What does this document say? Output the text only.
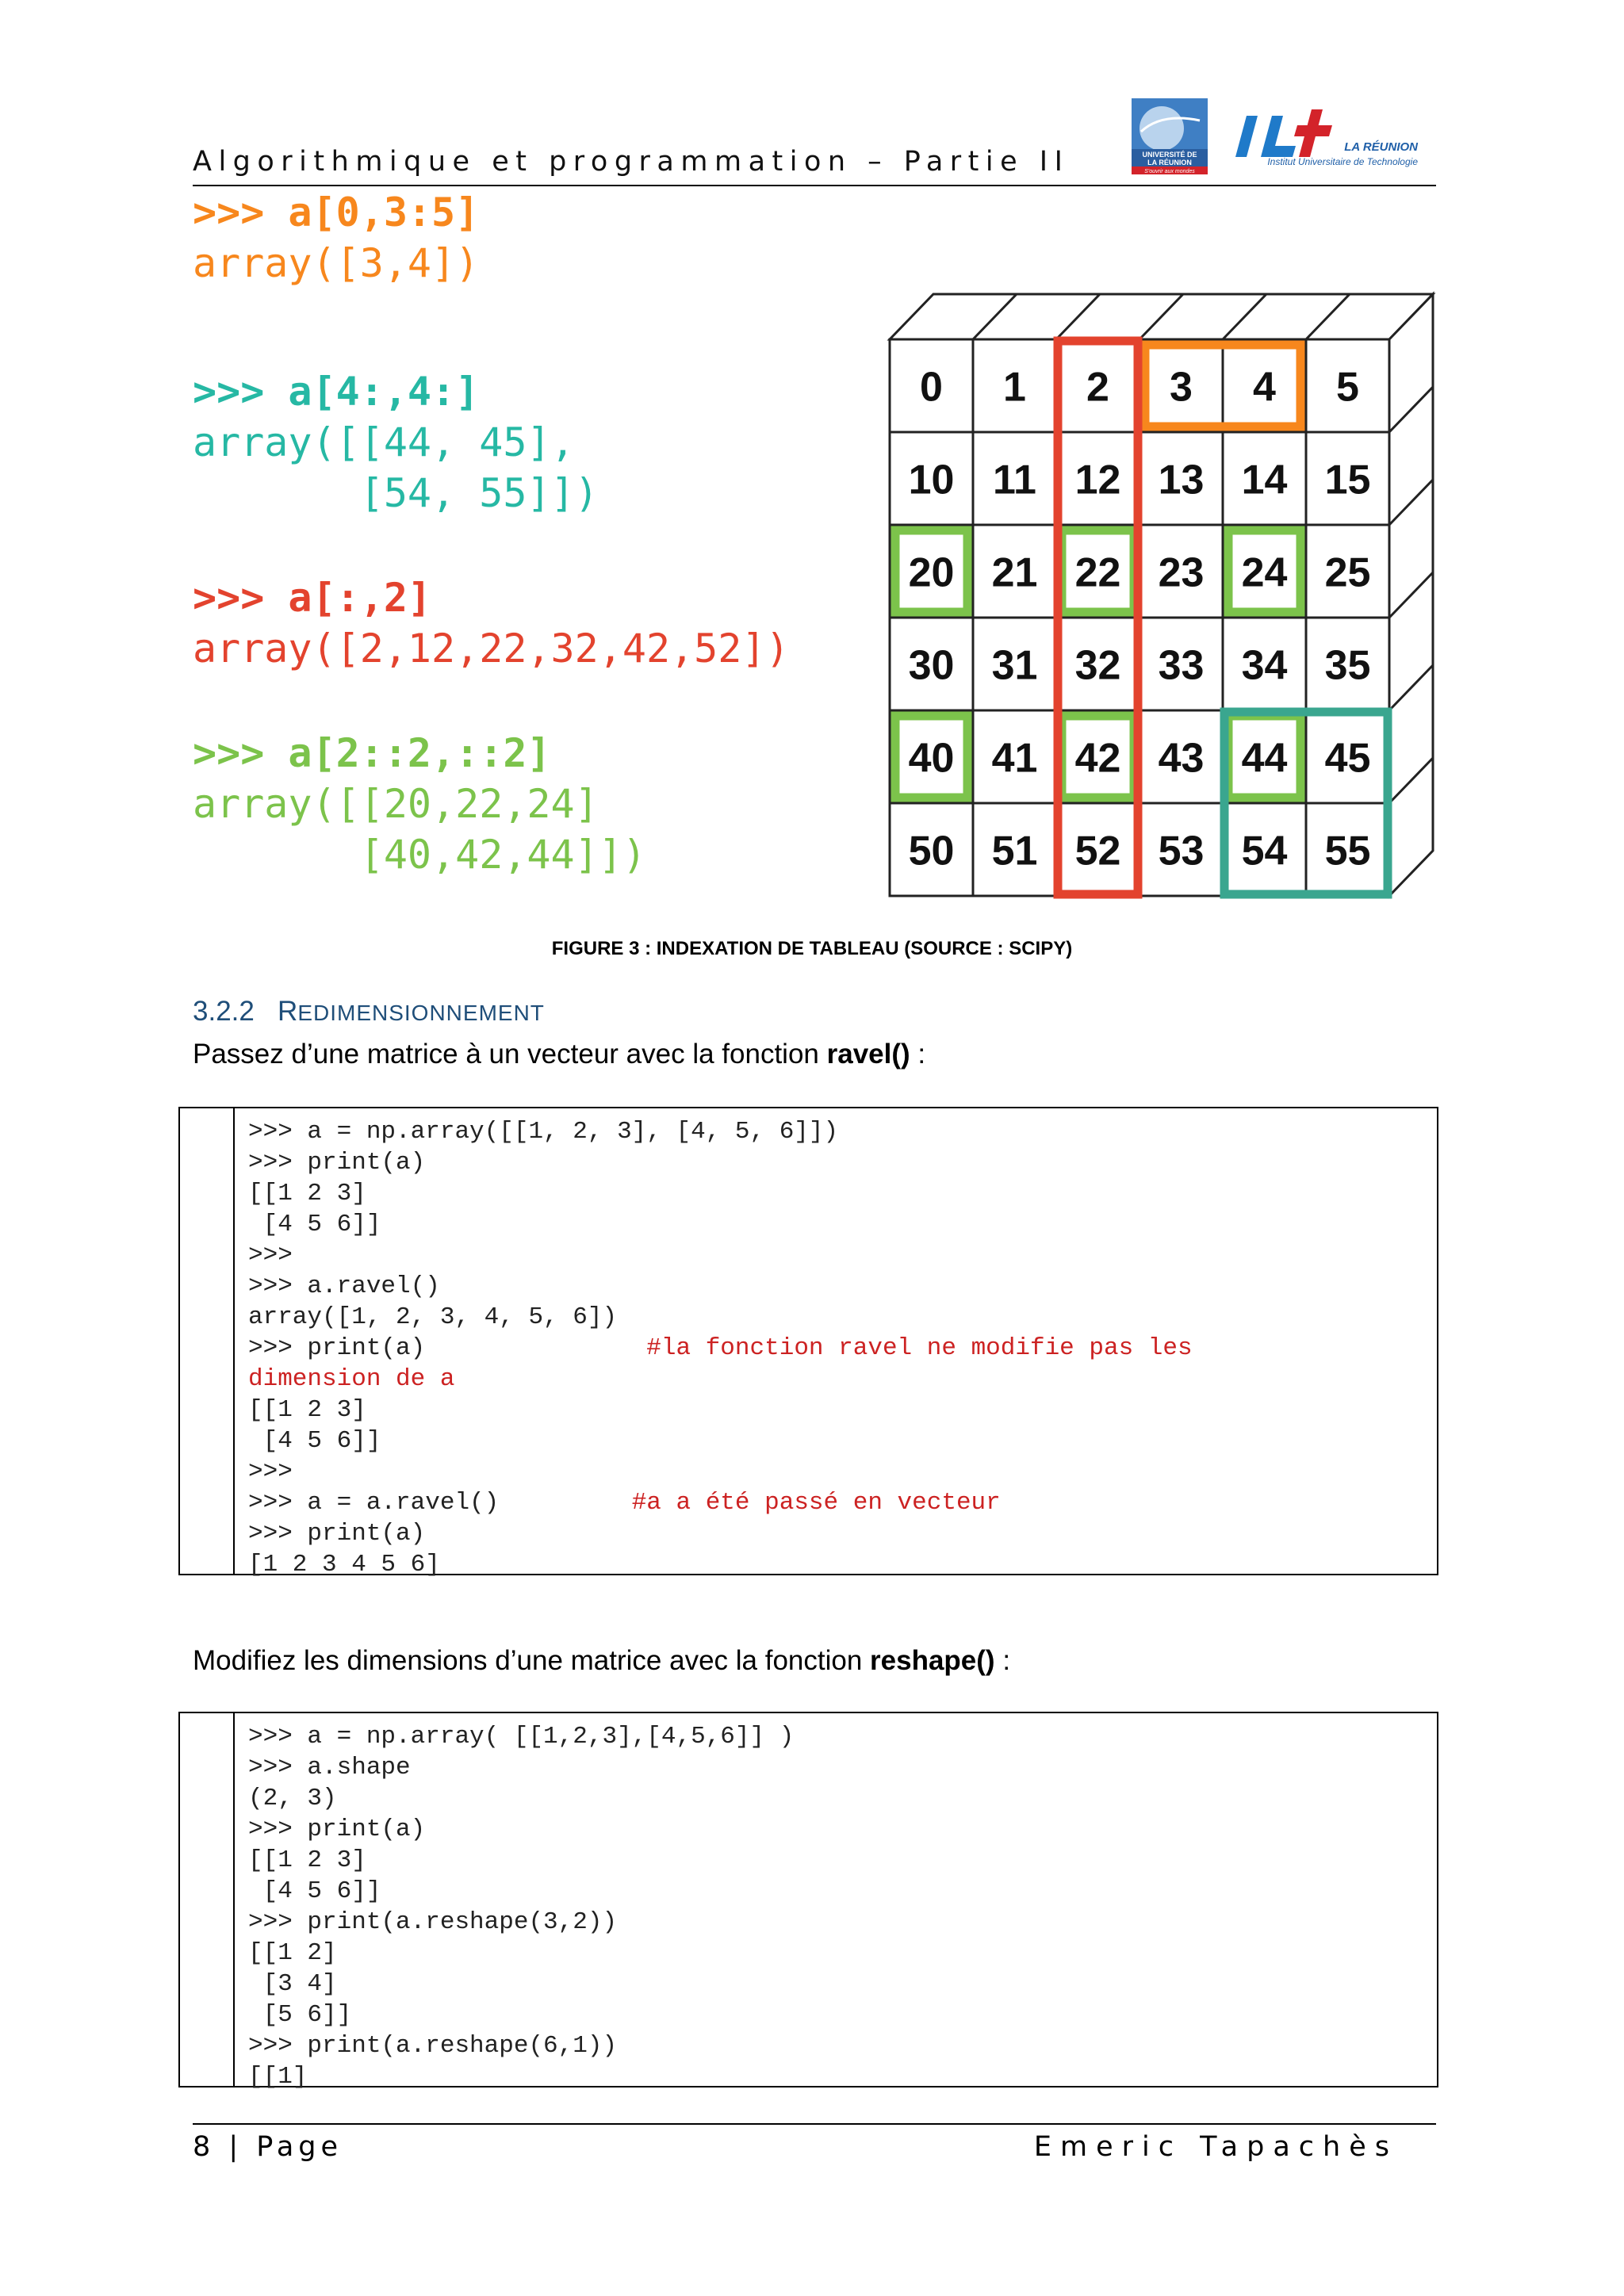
Algorithmique et programmation – Partie II	UNIVERSITÉ DE
LA RÉUNION
S'ouvrir aux mondes
LA RÉUNION
Institut Universitaire de Technologie
>>> a[0,3:5]
array([3,4])
>>> a[4:,4:]
array([[44, 45],
[54, 55]])
>>> a[:,2]
array([2,12,22,32,42,52])
>>> a[2::2,::2]
array([[20,22,24]
[40,42,44]])
0 1 2 3 4 5
10 11 12 13 14 15
20 21 22 23 24 25
30 31 32 33 34 35
40 41 42 43 44 45
50 51 52 53 54 55
FIGURE 3 : INDEXATION DE TABLEAU (SOURCE : SCIPY)
3.2.2 REDIMENSIONNEMENT
Passez d’une matrice à un vecteur avec la fonction ravel() :
>>> a = np.array([[1, 2, 3], [4, 5, 6]])
>>> print(a)
[[1 2 3]
[4 5 6]]
>>>
>>> a.ravel()
array([1, 2, 3, 4, 5, 6])
>>> print(a)               #la fonction ravel ne modifie pas les
dimension de a
[[1 2 3]
[4 5 6]]
>>>
>>> a = a.ravel()         #a a été passé en vecteur
>>> print(a)
[1 2 3 4 5 6]
Modifiez les dimensions d’une matrice avec la fonction reshape() :
>>> a = np.array( [[1,2,3],[4,5,6]] )
>>> a.shape
(2, 3)
>>> print(a)
[[1 2 3]
[4 5 6]]
>>> print(a.reshape(3,2))
[[1 2]
[3 4]
[5 6]]
>>> print(a.reshape(6,1))
[[1]
8 | Page	Emeric Tapachès
